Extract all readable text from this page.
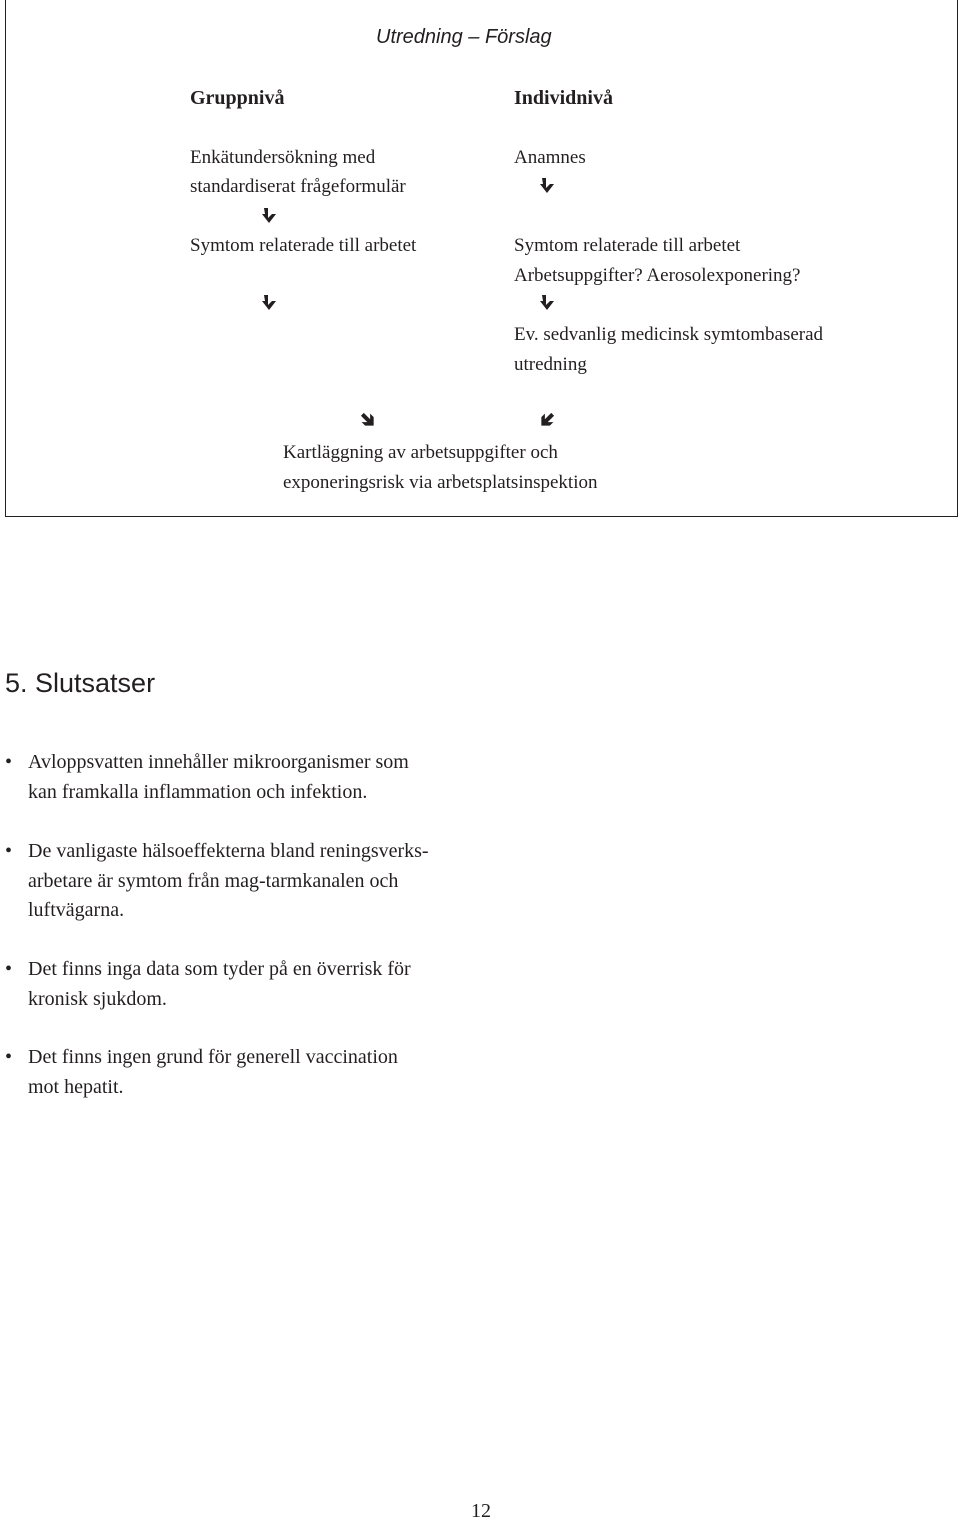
Utredning – Förslag
Gruppnivå
Enkätundersökning med
standardiserat frågeformulär
Symtom relaterade till arbetet
Individnivå
Anamnes
Symtom relaterade till arbetet
Arbetsuppgifter? Aerosolexponering?
Ev. sedvanlig medicinsk symtombaserad
utredning
Kartläggning av arbetsuppgifter och
exponeringsrisk via arbetsplatsinspektion
5. Slutsatser
• Avloppsvatten innehåller mikroorganismer som
kan framkalla inflammation och infektion.
• De vanligaste hälsoeffekterna bland reningsverks-
arbetare är symtom från mag-tarmkanalen och
luftvägarna.
• Det finns inga data som tyder på en överrisk för
kronisk sjukdom.
• Det finns ingen grund för generell vaccination
mot hepatit.
12
